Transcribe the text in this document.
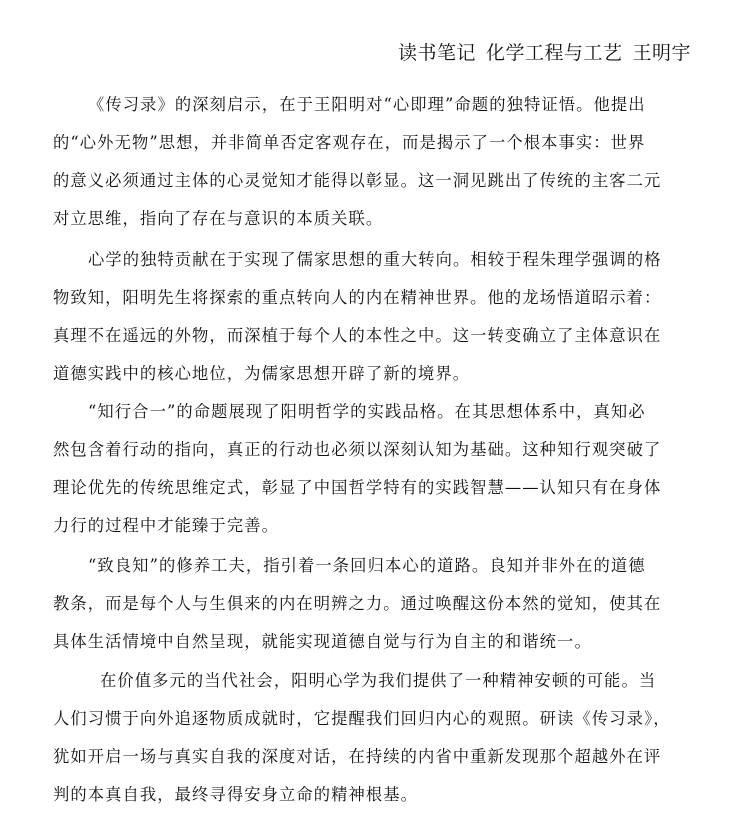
读书笔记 化学工程与工艺 王明宇
《传习录》的深刻启示，在于王阳明对“心即理”命题的独特证悟。他提出
的“心外无物”思想，并非简单否定客观存在，而是揭示了一个根本事实：世界
的意义必须通过主体的心灵觉知才能得以彰显。这一洞见跳出了传统的主客二元
对立思维，指向了存在与意识的本质关联。
心学的独特贡献在于实现了儒家思想的重大转向。相较于程朱理学强调的格
物致知，阳明先生将探索的重点转向人的内在精神世界。他的龙场悟道昭示着：
真理不在遥远的外物，而深植于每个人的本性之中。这一转变确立了主体意识在
道德实践中的核心地位，为儒家思想开辟了新的境界。
“知行合一”的命题展现了阳明哲学的实践品格。在其思想体系中，真知必
然包含着行动的指向，真正的行动也必须以深刻认知为基础。这种知行观突破了
理论优先的传统思维定式，彰显了中国哲学特有的实践智慧——认知只有在身体
力行的过程中才能臻于完善。
“致良知”的修养工夫，指引着一条回归本心的道路。良知并非外在的道德
教条，而是每个人与生俱来的内在明辨之力。通过唤醒这份本然的觉知，使其在
具体生活情境中自然呈现，就能实现道德自觉与行为自主的和谐统一。
在价值多元的当代社会，阳明心学为我们提供了一种精神安顿的可能。当
人们习惯于向外追逐物质成就时，它提醒我们回归内心的观照。研读《传习录》，
犹如开启一场与真实自我的深度对话，在持续的内省中重新发现那个超越外在评
判的本真自我，最终寻得安身立命的精神根基。
